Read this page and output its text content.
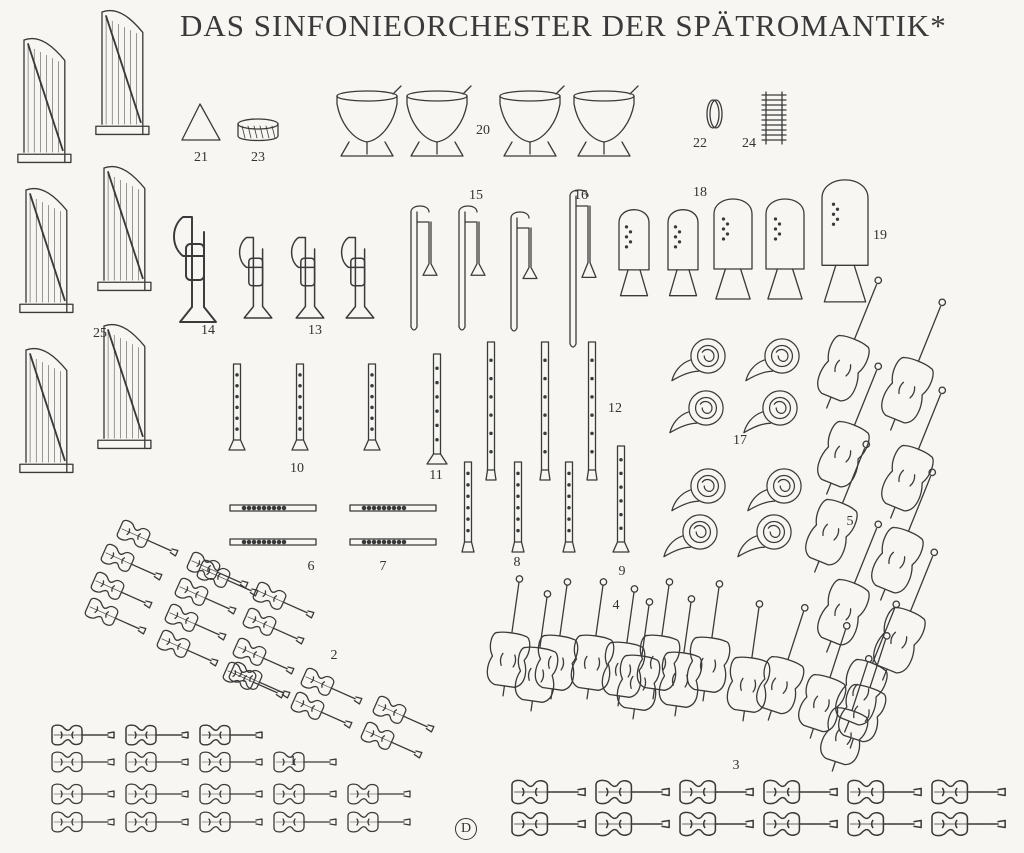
DAS SINFONIEORCHESTER DER SPÄTROMANTIK*
1
2
3
4
5
6	7	8
9
10	11
12
13
14
15	16
17
18
19
20
21
22
23
24
25
D
